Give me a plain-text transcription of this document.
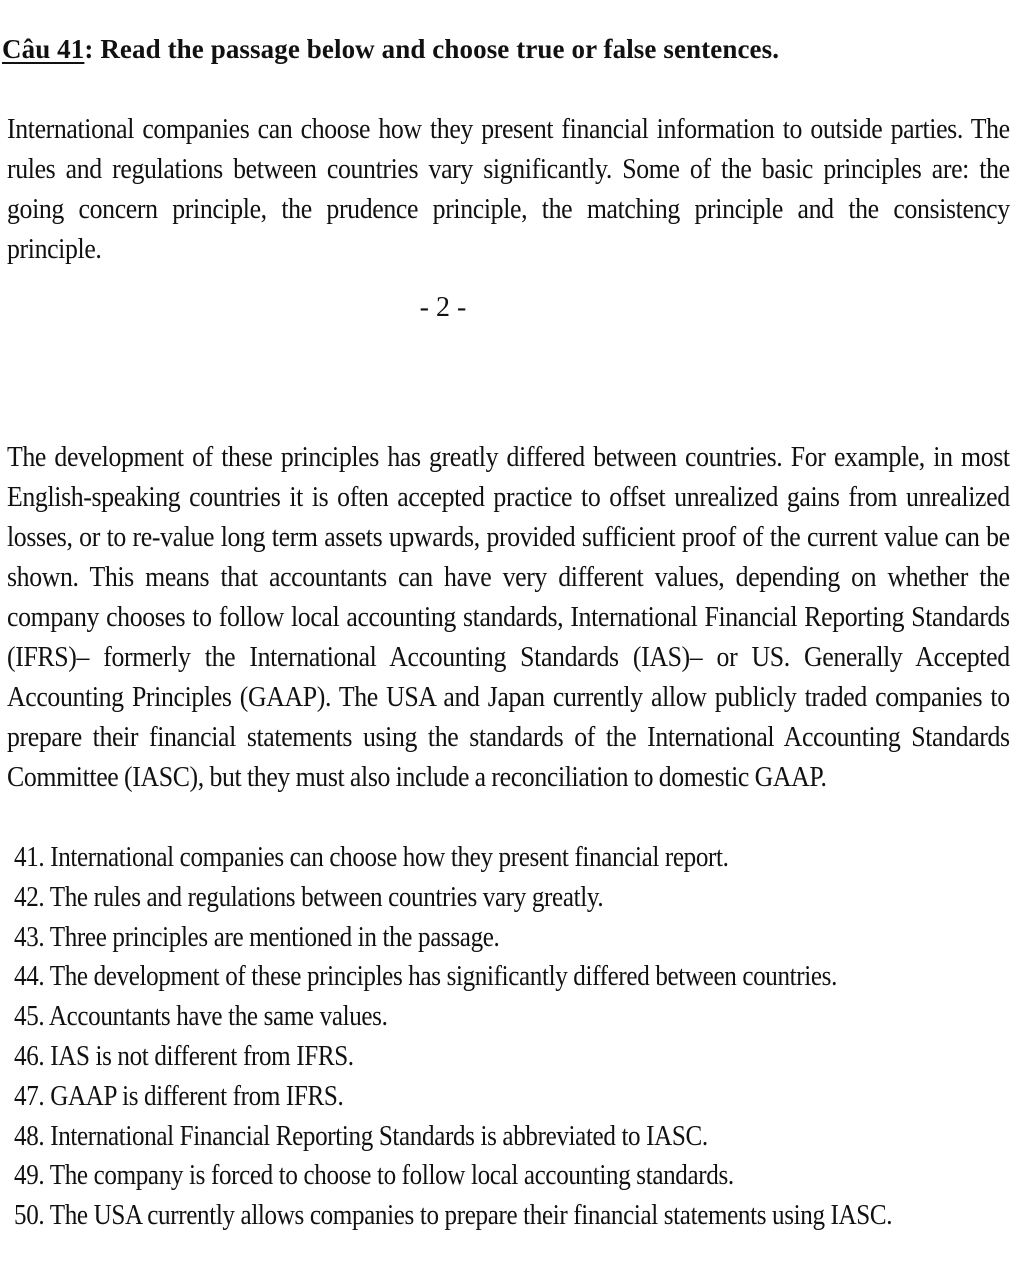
Câu 41: Read the passage below and choose true or false sentences.
International companies can choose how they present financial information to outside parties. The rules and regulations between countries vary significantly. Some of the basic principles are: the going concern principle, the prudence principle, the matching principle and the consistency principle.
- 2 -
The development of these principles has greatly differed between countries. For example, in most English-speaking countries it is often accepted practice to offset unrealized gains from unrealized losses, or to re-value long term assets upwards, provided sufficient proof of the current value can be shown. This means that accountants can have very different values, depending on whether the company chooses to follow local accounting standards, International Financial Reporting Standards (IFRS)– formerly the International Accounting Standards (IAS)– or US. Generally Accepted Accounting Principles (GAAP). The USA and Japan currently allow publicly traded companies to prepare their financial statements using the standards of the International Accounting Standards Committee (IASC), but they must also include a reconciliation to domestic GAAP.
41. International companies can choose how they present financial report.
42. The rules and regulations between countries vary greatly.
43. Three principles are mentioned in the passage.
44. The development of these principles has significantly differed between countries.
45. Accountants have the same values.
46. IAS is not different from IFRS.
47. GAAP is different from IFRS.
48. International Financial Reporting Standards is abbreviated to IASC.
49. The company is forced to choose to follow local accounting standards.
50. The USA currently allows companies to prepare their financial statements using IASC.
